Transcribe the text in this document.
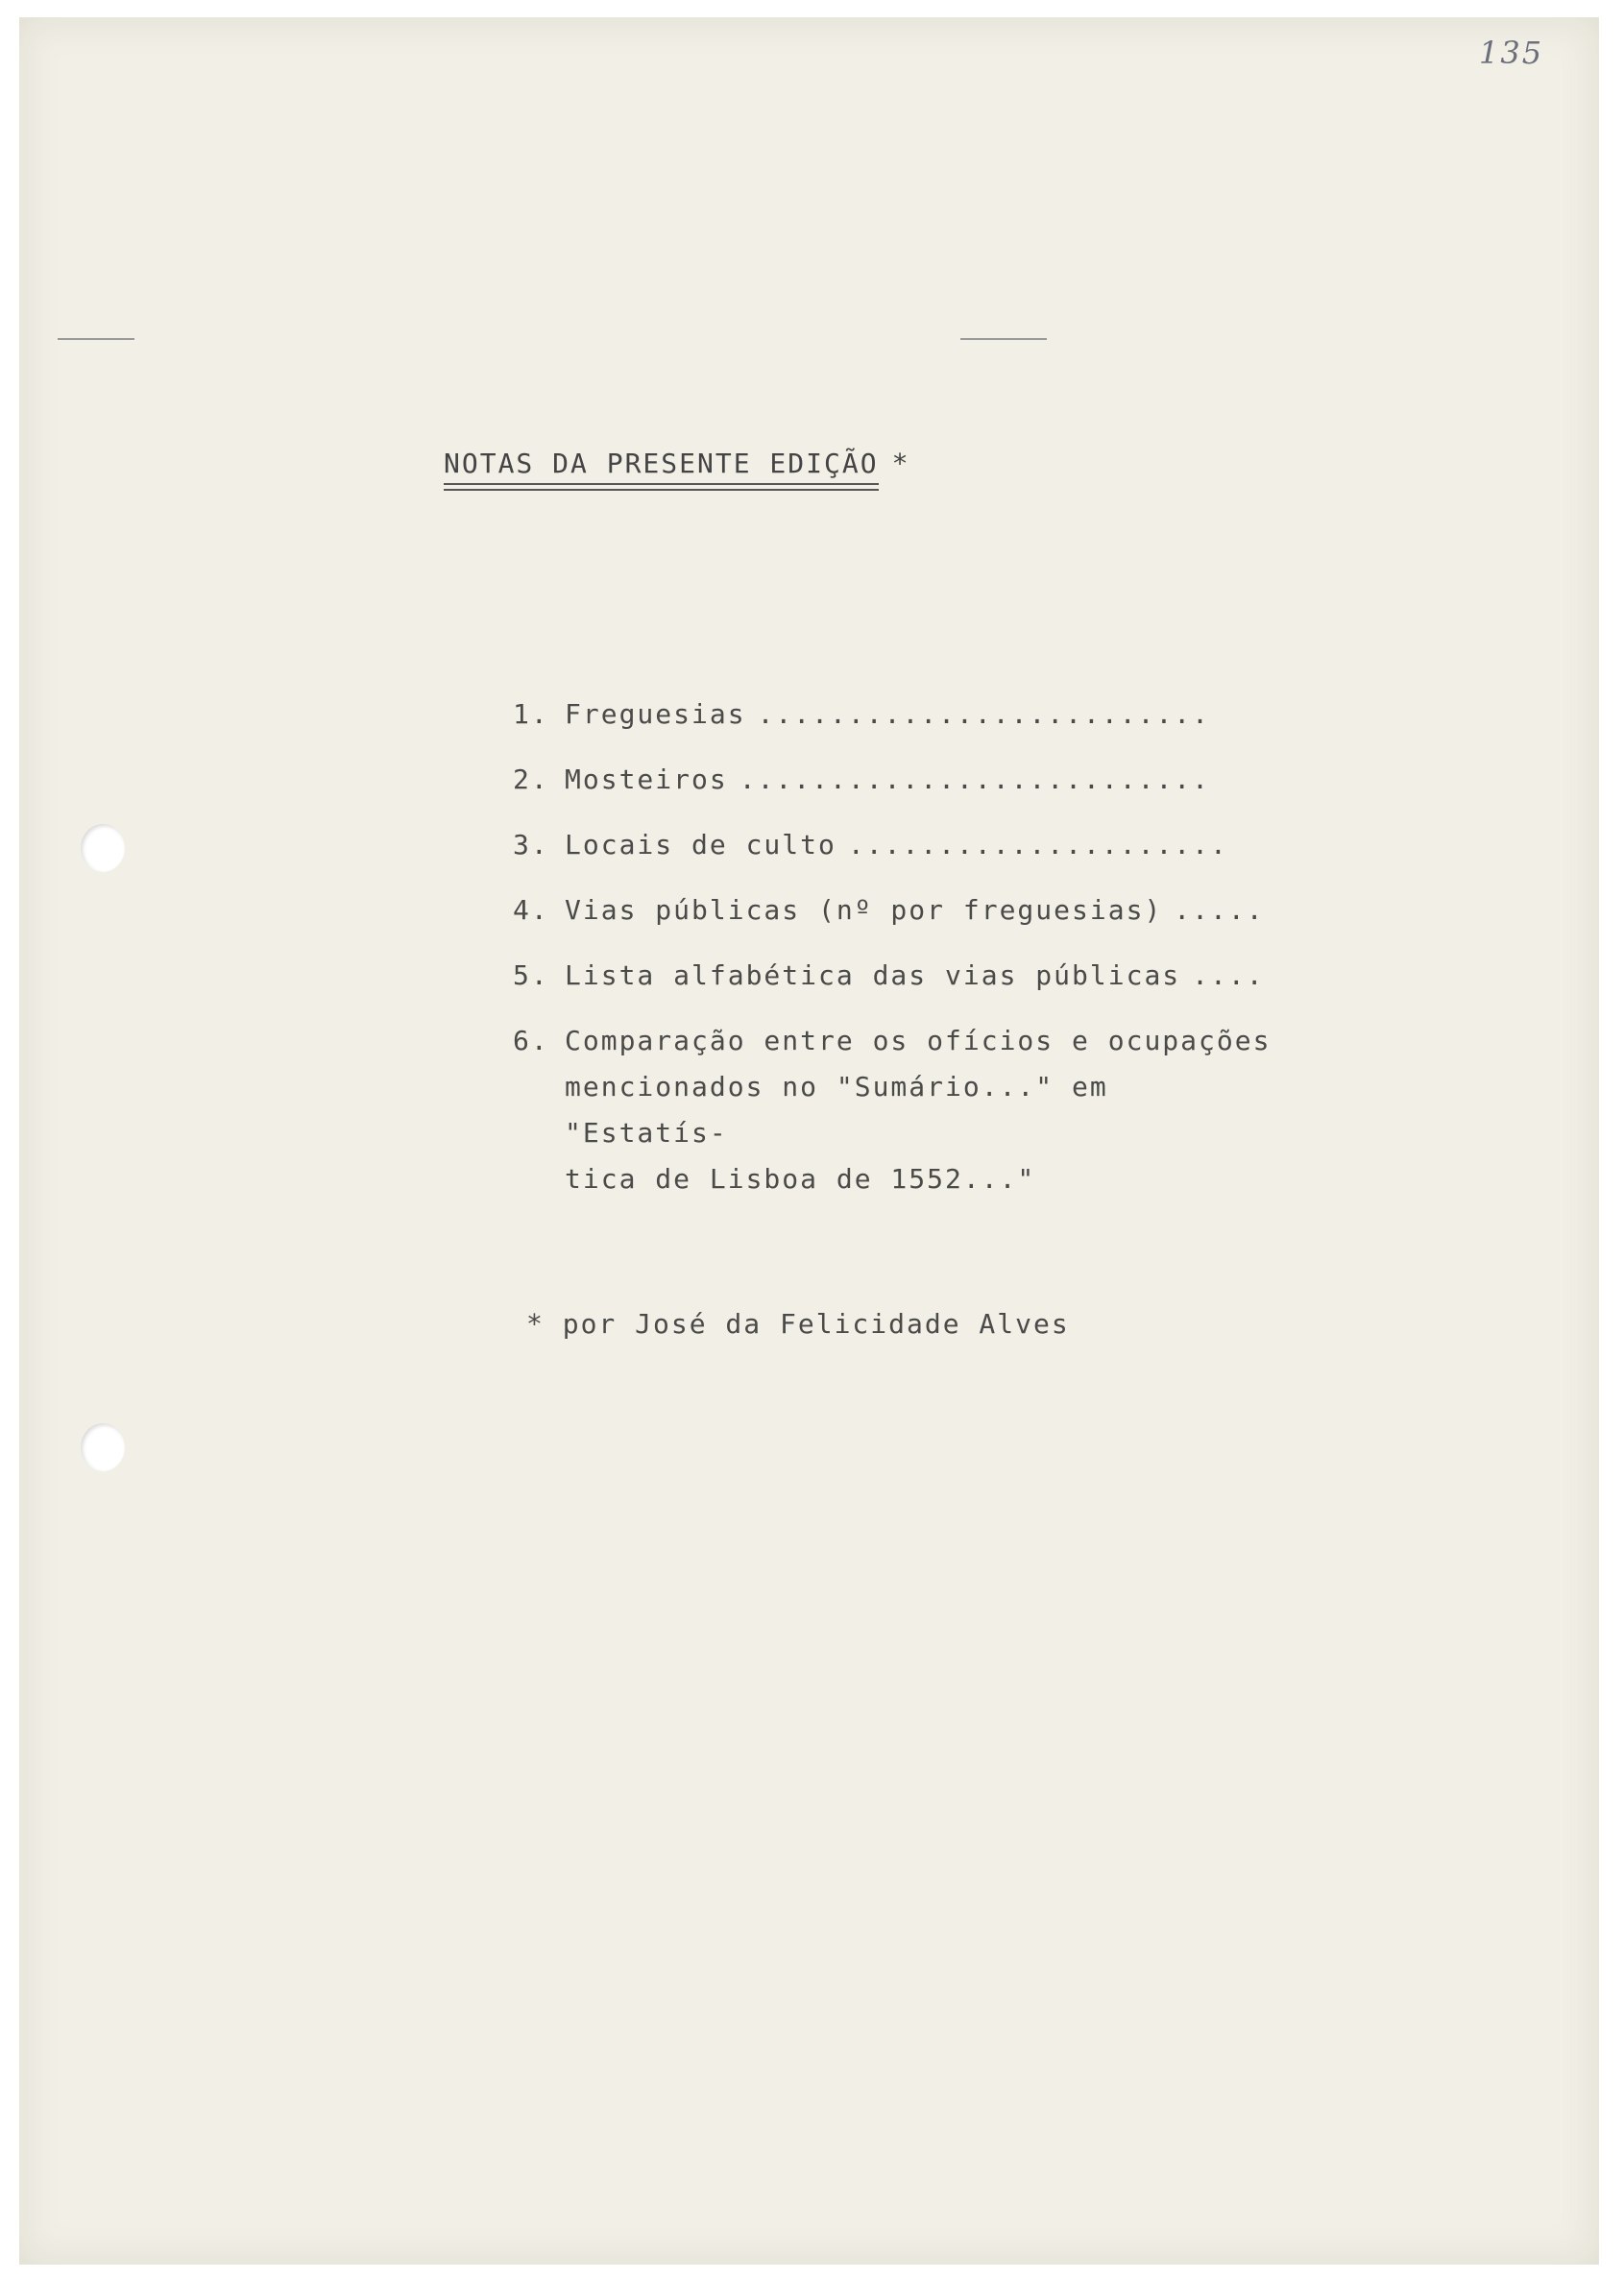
135
NOTAS DA PRESENTE EDIÇÃO *
1. Freguesias .........................
2. Mosteiros ..........................
3. Locais de culto .....................
4. Vias públicas (nº por freguesias) .....
5. Lista alfabética das vias públicas ....
6. Comparação entre os ofícios e ocupações
mencionados no "Sumário..." em "Estatís-
tica de Lisboa de 1552..."
* por José da Felicidade Alves
